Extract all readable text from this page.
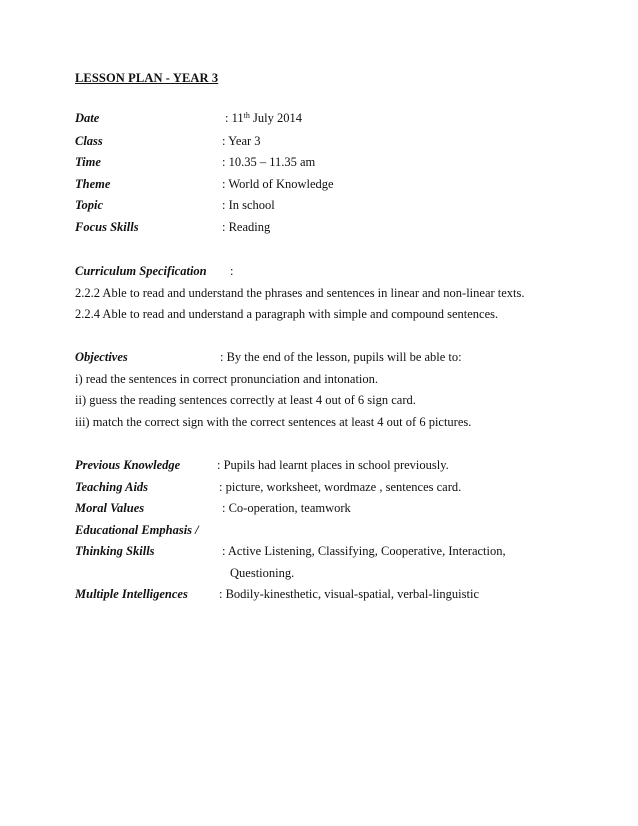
LESSON PLAN - YEAR 3
Date	: 11th July 2014
Class	: Year 3
Time	: 10.35 – 11.35 am
Theme	: World of Knowledge
Topic	: In school
Focus Skills	: Reading
Curriculum Specification :
2.2.2 Able to read and understand the phrases and sentences in linear and non-linear texts.
2.2.4 Able to read and understand a paragraph with simple and compound sentences.
Objectives	: By the end of the lesson, pupils will be able to:
i) read the sentences in correct pronunciation and intonation.
ii) guess the reading sentences correctly at least 4 out of 6 sign card.
iii) match the correct sign with the correct sentences at least 4 out of 6 pictures.
Previous Knowledge	: Pupils had learnt places in school previously.
Teaching Aids	: picture, worksheet, wordmaze , sentences card.
Moral Values	: Co-operation, teamwork
Educational Emphasis /
Thinking Skills	: Active Listening, Classifying, Cooperative, Interaction,
Questioning.
Multiple Intelligences : Bodily-kinesthetic, visual-spatial, verbal-linguistic
